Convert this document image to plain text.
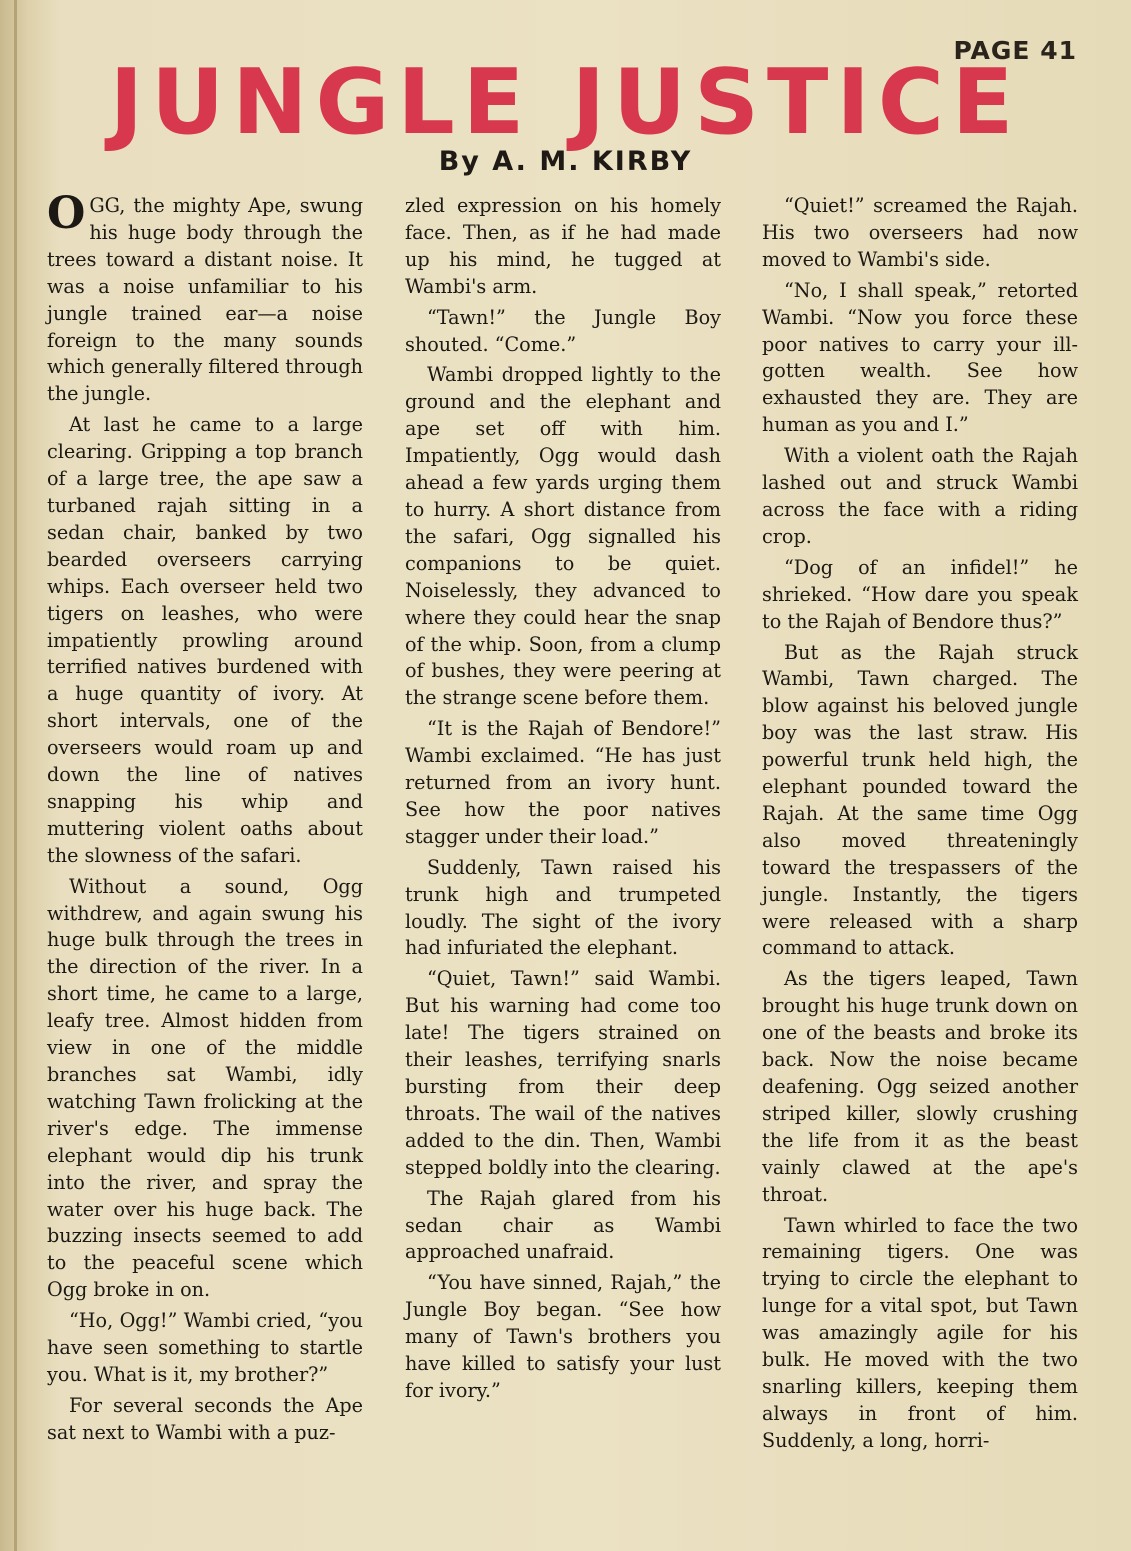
PAGE 41
JUNGLE JUSTICE
By A. M. KIRBY

OGG, the mighty Ape, swung his huge body through the trees toward a distant noise. It was a noise unfamiliar to his jungle trained ear—a noise foreign to the many sounds which generally filtered through the jungle.

At last he came to a large clearing. Gripping a top branch of a large tree, the ape saw a turbaned rajah sitting in a sedan chair, banked by two bearded overseers carrying whips. Each overseer held two tigers on leashes, who were impatiently prowling around terrified natives burdened with a huge quantity of ivory. At short intervals, one of the overseers would roam up and down the line of natives snapping his whip and muttering violent oaths about the slowness of the safari.

Without a sound, Ogg withdrew, and again swung his huge bulk through the trees in the direction of the river. In a short time, he came to a large, leafy tree. Almost hidden from view in one of the middle branches sat Wambi, idly watching Tawn frolicking at the river's edge. The immense elephant would dip his trunk into the river, and spray the water over his huge back. The buzzing insects seemed to add to the peaceful scene which Ogg broke in on.

“Ho, Ogg!” Wambi cried, “you have seen something to startle you. What is it, my brother?”

For several seconds the Ape sat next to Wambi with a puz-

zled expression on his homely face. Then, as if he had made up his mind, he tugged at Wambi's arm.

“Tawn!” the Jungle Boy shouted. “Come.”

Wambi dropped lightly to the ground and the elephant and ape set off with him. Impatiently, Ogg would dash ahead a few yards urging them to hurry. A short distance from the safari, Ogg signalled his companions to be quiet. Noiselessly, they advanced to where they could hear the snap of the whip. Soon, from a clump of bushes, they were peering at the strange scene before them.

“It is the Rajah of Bendore!” Wambi exclaimed. “He has just returned from an ivory hunt. See how the poor natives stagger under their load.”

Suddenly, Tawn raised his trunk high and trumpeted loudly. The sight of the ivory had infuriated the elephant.

“Quiet, Tawn!” said Wambi. But his warning had come too late! The tigers strained on their leashes, terrifying snarls bursting from their deep throats. The wail of the natives added to the din. Then, Wambi stepped boldly into the clearing.

The Rajah glared from his sedan chair as Wambi approached unafraid.

“You have sinned, Rajah,” the Jungle Boy began. “See how many of Tawn's brothers you have killed to satisfy your lust for ivory.”

“Quiet!” screamed the Rajah. His two overseers had now moved to Wambi's side.

“No, I shall speak,” retorted Wambi. “Now you force these poor natives to carry your ill-gotten wealth. See how exhausted they are. They are human as you and I.”

With a violent oath the Rajah lashed out and struck Wambi across the face with a riding crop.

“Dog of an infidel!” he shrieked. “How dare you speak to the Rajah of Bendore thus?”

But as the Rajah struck Wambi, Tawn charged. The blow against his beloved jungle boy was the last straw. His powerful trunk held high, the elephant pounded toward the Rajah. At the same time Ogg also moved threateningly toward the trespassers of the jungle. Instantly, the tigers were released with a sharp command to attack.

As the tigers leaped, Tawn brought his huge trunk down on one of the beasts and broke its back. Now the noise became deafening. Ogg seized another striped killer, slowly crushing the life from it as the beast vainly clawed at the ape's throat.

Tawn whirled to face the two remaining tigers. One was trying to circle the elephant to lunge for a vital spot, but Tawn was amazingly agile for his bulk. He moved with the two snarling killers, keeping them always in front of him. Suddenly, a long, horri-
